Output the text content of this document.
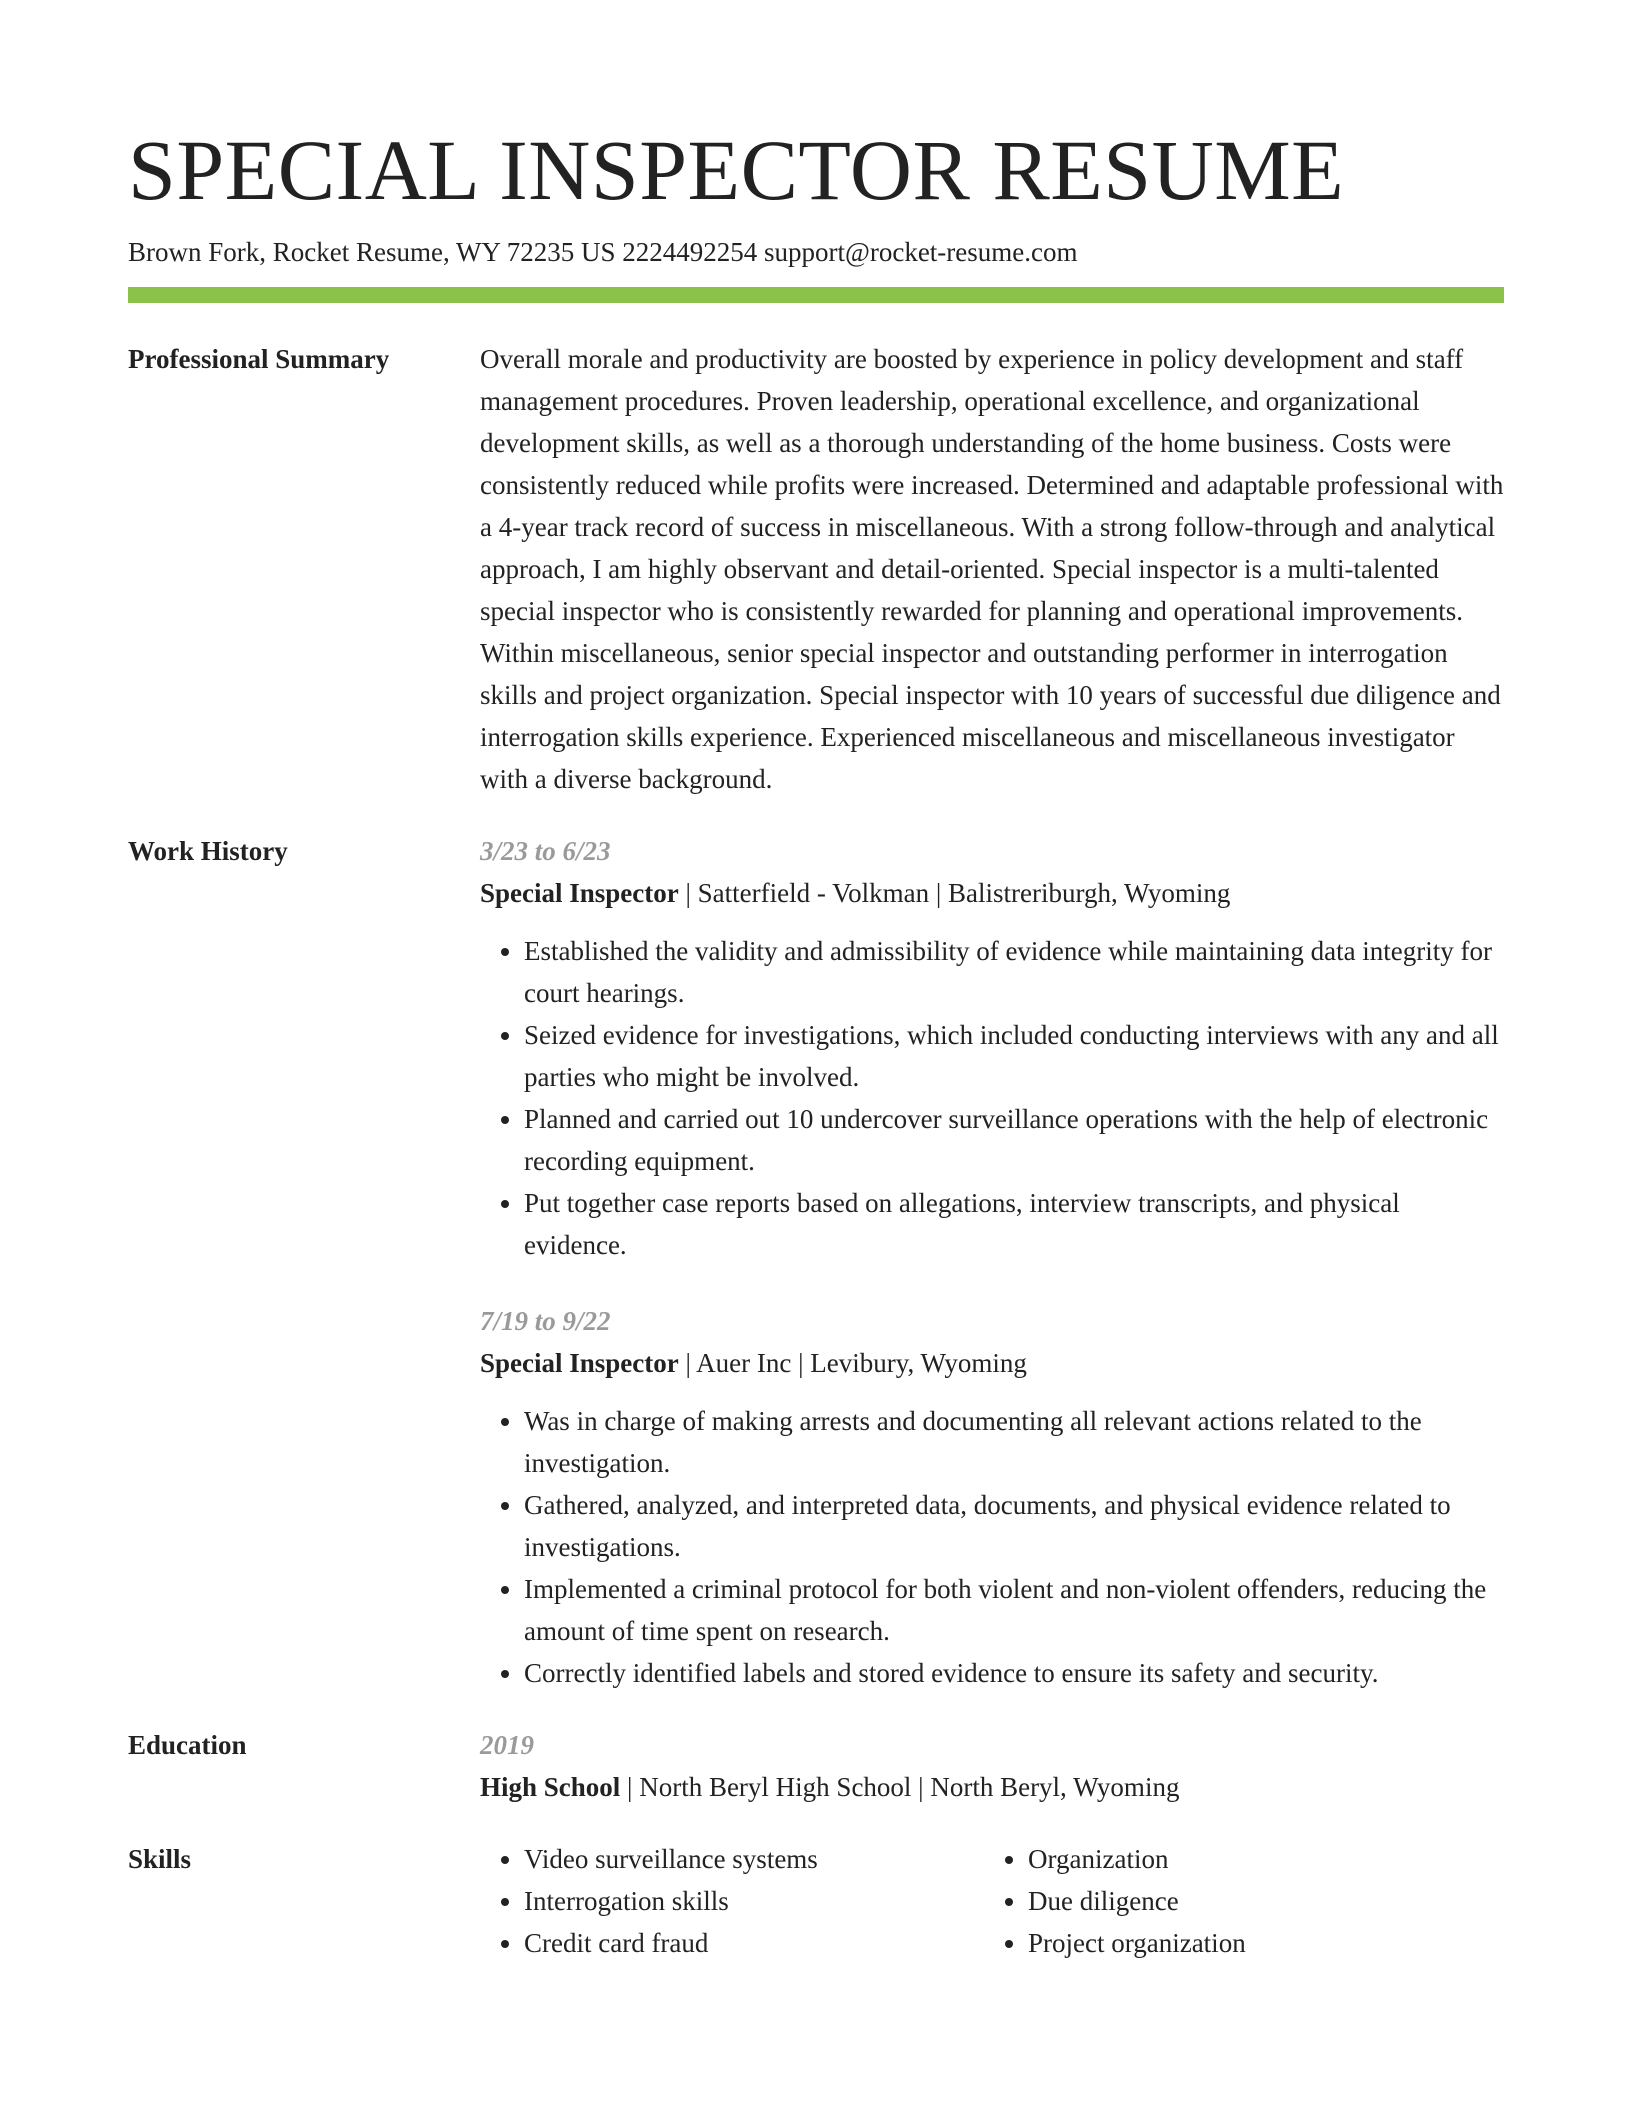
SPECIAL INSPECTOR RESUME
Brown Fork, Rocket Resume, WY 72235 US 2224492254 support@rocket-resume.com
Professional Summary	Overall morale and productivity are boosted by experience in policy development and staff management procedures. Proven leadership, operational excellence, and organizational development skills, as well as a thorough understanding of the home business. Costs were consistently reduced while profits were increased. Determined and adaptable professional with a 4-year track record of success in miscellaneous. With a strong follow-through and analytical approach, I am highly observant and detail-oriented. Special inspector is a multi-talented special inspector who is consistently rewarded for planning and operational improvements. Within miscellaneous, senior special inspector and outstanding performer in interrogation skills and project organization. Special inspector with 10 years of successful due diligence and interrogation skills experience. Experienced miscellaneous and miscellaneous investigator with a diverse background.

Work History	3/23 to 6/23
Special Inspector | Satterfield - Volkman | Balistreriburgh, Wyoming
• Established the validity and admissibility of evidence while maintaining data integrity for court hearings.
• Seized evidence for investigations, which included conducting interviews with any and all parties who might be involved.
• Planned and carried out 10 undercover surveillance operations with the help of electronic recording equipment.
• Put together case reports based on allegations, interview transcripts, and physical evidence.
7/19 to 9/22
Special Inspector | Auer Inc | Levibury, Wyoming
• Was in charge of making arrests and documenting all relevant actions related to the investigation.
• Gathered, analyzed, and interpreted data, documents, and physical evidence related to investigations.
• Implemented a criminal protocol for both violent and non-violent offenders, reducing the amount of time spent on research.
• Correctly identified labels and stored evidence to ensure its safety and security.
Education	2019
High School | North Beryl High School | North Beryl, Wyoming
Skills
•	Video surveillance systems
• Interrogation skills
• Credit card fraud
• Organization
• Due diligence
• Project organization
